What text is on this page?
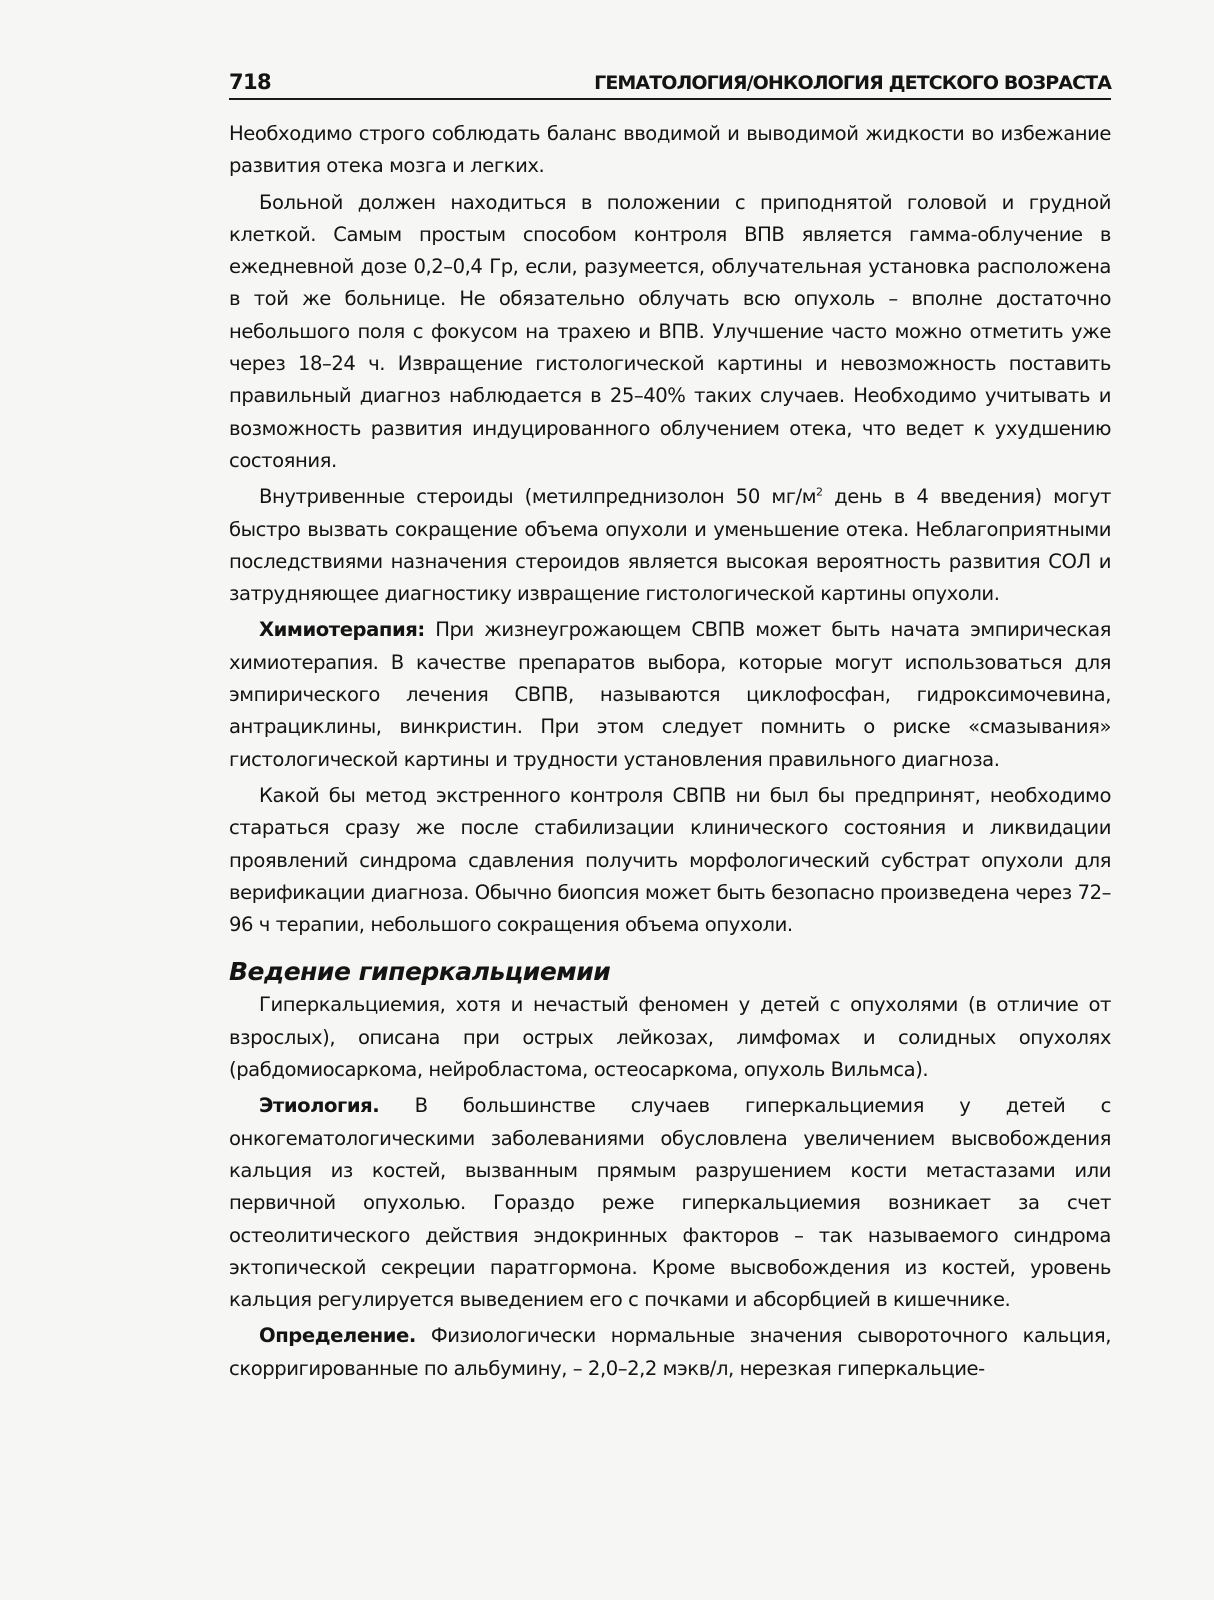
718	ГЕМАТОЛОГИЯ/ОНКОЛОГИЯ ДЕТСКОГО ВОЗРАСТА

Необходимо строго соблюдать баланс вводимой и выводимой жидкости во избежание развития отека мозга и легких.

Больной должен находиться в положении с приподнятой головой и грудной клеткой. Самым простым способом контроля ВПВ является гамма-облучение в ежедневной дозе 0,2–0,4 Гр, если, разумеется, облучательная установка расположена в той же больнице. Не обязательно облучать всю опухоль – вполне достаточно небольшого поля с фокусом на трахею и ВПВ. Улучшение часто можно отметить уже через 18–24 ч. Извращение гистологической картины и невозможность поставить правильный диагноз наблюдается в 25–40% таких случаев. Необходимо учитывать и возможность развития индуцированного облучением отека, что ведет к ухудшению состояния.

Внутривенные стероиды (метилпреднизолон 50 $мг/м^2$ день в 4 введения) могут быстро вызвать сокращение объема опухоли и уменьшение отека. Неблагоприятными последствиями назначения стероидов является высокая вероятность развития СОЛ и затрудняющее диагностику извращение гистологической картины опухоли.

Химиотерапия: При жизнеугрожающем СВПВ может быть начата эмпирическая химиотерапия. В качестве препаратов выбора, которые могут использоваться для эмпирического лечения СВПВ, называются циклофосфан, гидроксимочевина, антрациклины, винкристин. При этом следует помнить о риске «смазывания» гистологической картины и трудности установления правильного диагноза.

Какой бы метод экстренного контроля СВПВ ни был бы предпринят, необходимо стараться сразу же после стабилизации клинического состояния и ликвидации проявлений синдрома сдавления получить морфологический субстрат опухоли для верификации диагноза. Обычно биопсия может быть безопасно произведена через 72–96 ч терапии, небольшого сокращения объема опухоли.

Ведение гиперкальциемии

Гиперкальциемия, хотя и нечастый феномен у детей с опухолями (в отличие от взрослых), описана при острых лейкозах, лимфомах и солидных опухолях (рабдомиосаркома, нейробластома, остеосаркома, опухоль Вильмса).

Этиология. В большинстве случаев гиперкальциемия у детей с онкогематологическими заболеваниями обусловлена увеличением высвобождения кальция из костей, вызванным прямым разрушением кости метастазами или первичной опухолью. Гораздо реже гиперкальциемия возникает за счет остеолитического действия эндокринных факторов – так называемого синдрома эктопической секреции паратгормона. Кроме высвобождения из костей, уровень кальция регулируется выведением его с почками и абсорбцией в кишечнике.

Определение. Физиологически нормальные значения сывороточного кальция, скорригированные по альбумину, – 2,0–2,2 мэкв/л, нерезкая гиперкальцие-
